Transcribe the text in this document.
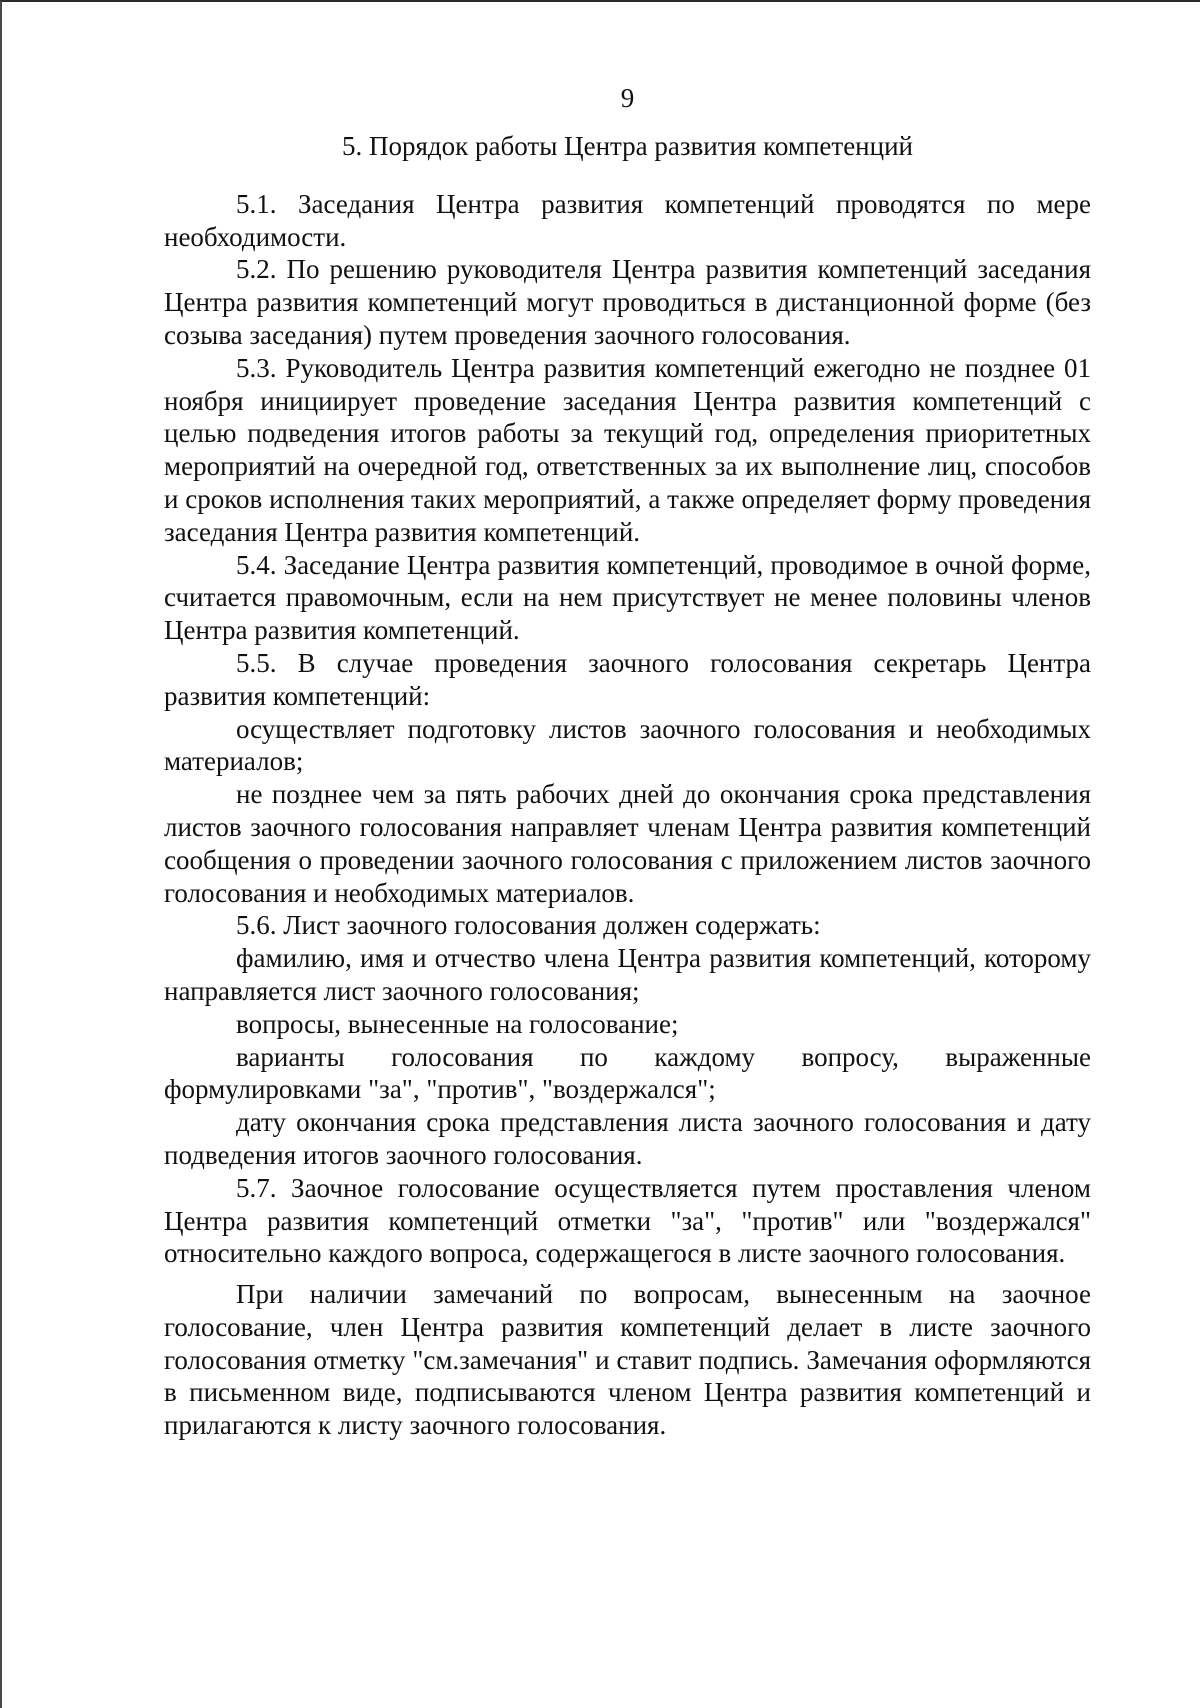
9

5. Порядок работы Центра развития компетенций

5.1. Заседания Центра развития компетенций проводятся по мере необходимости.

5.2. По решению руководителя Центра развития компетенций заседания Центра развития компетенций могут проводиться в дистанционной форме (без созыва заседания) путем проведения заочного голосования.

5.3. Руководитель Центра развития компетенций ежегодно не позднее 01 ноября инициирует проведение заседания Центра развития компетенций с целью подведения итогов работы за текущий год, определения приоритетных мероприятий на очередной год, ответственных за их выполнение лиц, способов и сроков исполнения таких мероприятий, а также определяет форму проведения заседания Центра развития компетенций.

5.4. Заседание Центра развития компетенций, проводимое в очной форме, считается правомочным, если на нем присутствует не менее половины членов Центра развития компетенций.

5.5. В случае проведения заочного голосования секретарь Центра развития компетенций:

осуществляет подготовку листов заочного голосования и необходимых материалов;

не позднее чем за пять рабочих дней до окончания срока представления листов заочного голосования направляет членам Центра развития компетенций сообщения о проведении заочного голосования с приложением листов заочного голосования и необходимых материалов.

5.6. Лист заочного голосования должен содержать:

фамилию, имя и отчество члена Центра развития компетенций, которому направляется лист заочного голосования;

вопросы, вынесенные на голосование;

варианты голосования по каждому вопросу, выраженные формулировками "за", "против", "воздержался";

дату окончания срока представления листа заочного голосования и дату подведения итогов заочного голосования.

5.7. Заочное голосование осуществляется путем проставления членом Центра развития компетенций отметки "за", "против" или "воздержался" относительно каждого вопроса, содержащегося в листе заочного голосования.

При наличии замечаний по вопросам, вынесенным на заочное голосование, член Центра развития компетенций делает в листе заочного голосования отметку "см.замечания" и ставит подпись. Замечания оформляются в письменном виде, подписываются членом Центра развития компетенций и прилагаются к листу заочного голосования.
